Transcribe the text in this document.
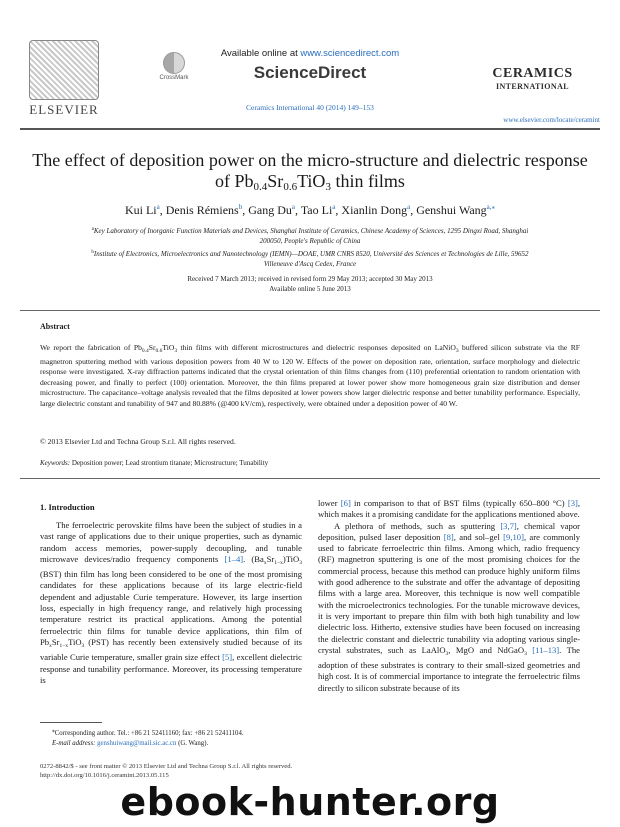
ELSEVIER
CrossMark
Available online at www.sciencedirect.com
ScienceDirect
Ceramics International 40 (2014) 149–153
CERAMICS
INTERNATIONAL
www.elsevier.com/locate/ceramint
The effect of deposition power on the micro-structure and dielectric response
of $Pb_{0.4}Sr_{0.6}TiO_3$ thin films
Kui Li$^a$, Denis Rémiens$^b$, Gang Du$^a$, Tao Li$^a$, Xianlin Dong$^a$, Genshui Wang$^{a,⁎}$
$^a$Key Laboratory of Inorganic Function Materials and Devices, Shanghai Institute of Ceramics, Chinese Academy of Sciences, 1295 Dingxi Road, Shanghai
200050, People's Republic of China
$^b$Institute of Electronics, Microelectronics and Nanotechnology (IEMN)—DOAE, UMR CNRS 8520, Université des Sciences et Technologies de Lille, 59652
Villeneuve d'Ascq Cedex, France
Received 7 March 2013; received in revised form 29 May 2013; accepted 30 May 2013
Available online 5 June 2013
Abstract
We report the fabrication of $Pb_{0.4}Sr_{0.6}TiO_3$ thin films with different microstructures and dielectric responses deposited on LaNiO$_3$ buffered silicon substrate via the RF magnetron sputtering method with various deposition powers from 40 W to 120 W. Effects of the power on deposition rate, orientation, surface morphology and dielectric response were investigated. X-ray diffraction patterns indicated that the crystal orientation of thin films changes from (110) preferential orientation to random orientation with decreasing power, and finally to perfect (100) orientation. Moreover, the thin films prepared at lower power show more homogeneous grain size distribution and denser microstructure. The capacitance–voltage analysis revealed that the films deposited at lower powers show larger dielectric response and better tunability performance. Especially, large dielectric constant and tunability of 947 and 80.88% (@400 kV/cm), respectively, were obtained under a deposition power of 40 W.
© 2013 Elsevier Ltd and Techna Group S.r.l. All rights reserved.
Keywords: Deposition power; Lead strontium titanate; Microstructure; Tunability
1. Introduction

The ferroelectric perovskite films have been the subject of studies in a vast range of applications due to their unique properties, such as dynamic random access memories, power-supply decoupling, and tunable microwave devices/radio frequency components [1–4]. $(Ba_xSr_{1-x})TiO_3$ (BST) thin film has long been considered to be one of the most promising candidates for these applications because of its large electric-field dependent and adjustable Curie temperature. However, its large insertion loss, especially in high frequency range, and relatively high processing temperature restrict its practical applications. Among the potential ferroelectric thin films for tunable device applications, thin film of $Pb_xSr_{1-x}TiO_3$ (PST) has recently been extensively studied because of its variable Curie temperature, smaller grain size effect [5], excellent dielectric response and tunability performance. Moreover, its processing temperature is

lower [6] in comparison to that of BST films (typically 650–800 °C) [3], which makes it a promising candidate for the applications mentioned above.

A plethora of methods, such as sputtering [3,7], chemical vapor deposition, pulsed laser deposition [8], and sol–gel [9,10], are commonly used to fabricate ferroelectric thin films. Among which, radio frequency (RF) magnetron sputtering is one of the most promising choices for the commercial process, because this method can produce highly uniform films with good adherence to the substrate and offer the advantage of depositing films with a large area. Moreover, this technique is now well compatible with the microelectronics technologies. For the tunable microwave devices, it is very important to prepare thin film with both high tunability and low dielectric loss. Hitherto, extensive studies have been focused on increasing the dielectric constant and dielectric tunability via adopting various single-crystal substrates, such as LaAlO$_3$, MgO and NdGaO$_3$ [11–13]. The adoption of these substrates is contrary to their small-sized geometries and high cost. It is of commercial importance to integrate the ferroelectric films directly to silicon substrate because of its

⁎Corresponding author. Tel.: +86 21 52411160; fax: +86 21 52411104.
E-mail address: genshuiwang@mail.sic.ac.cn (G. Wang).
0272-8842/$ - see front matter © 2013 Elsevier Ltd and Techna Group S.r.l. All rights reserved.
http://dx.doi.org/10.1016/j.ceramint.2013.05.115
ebook-hunter.org
